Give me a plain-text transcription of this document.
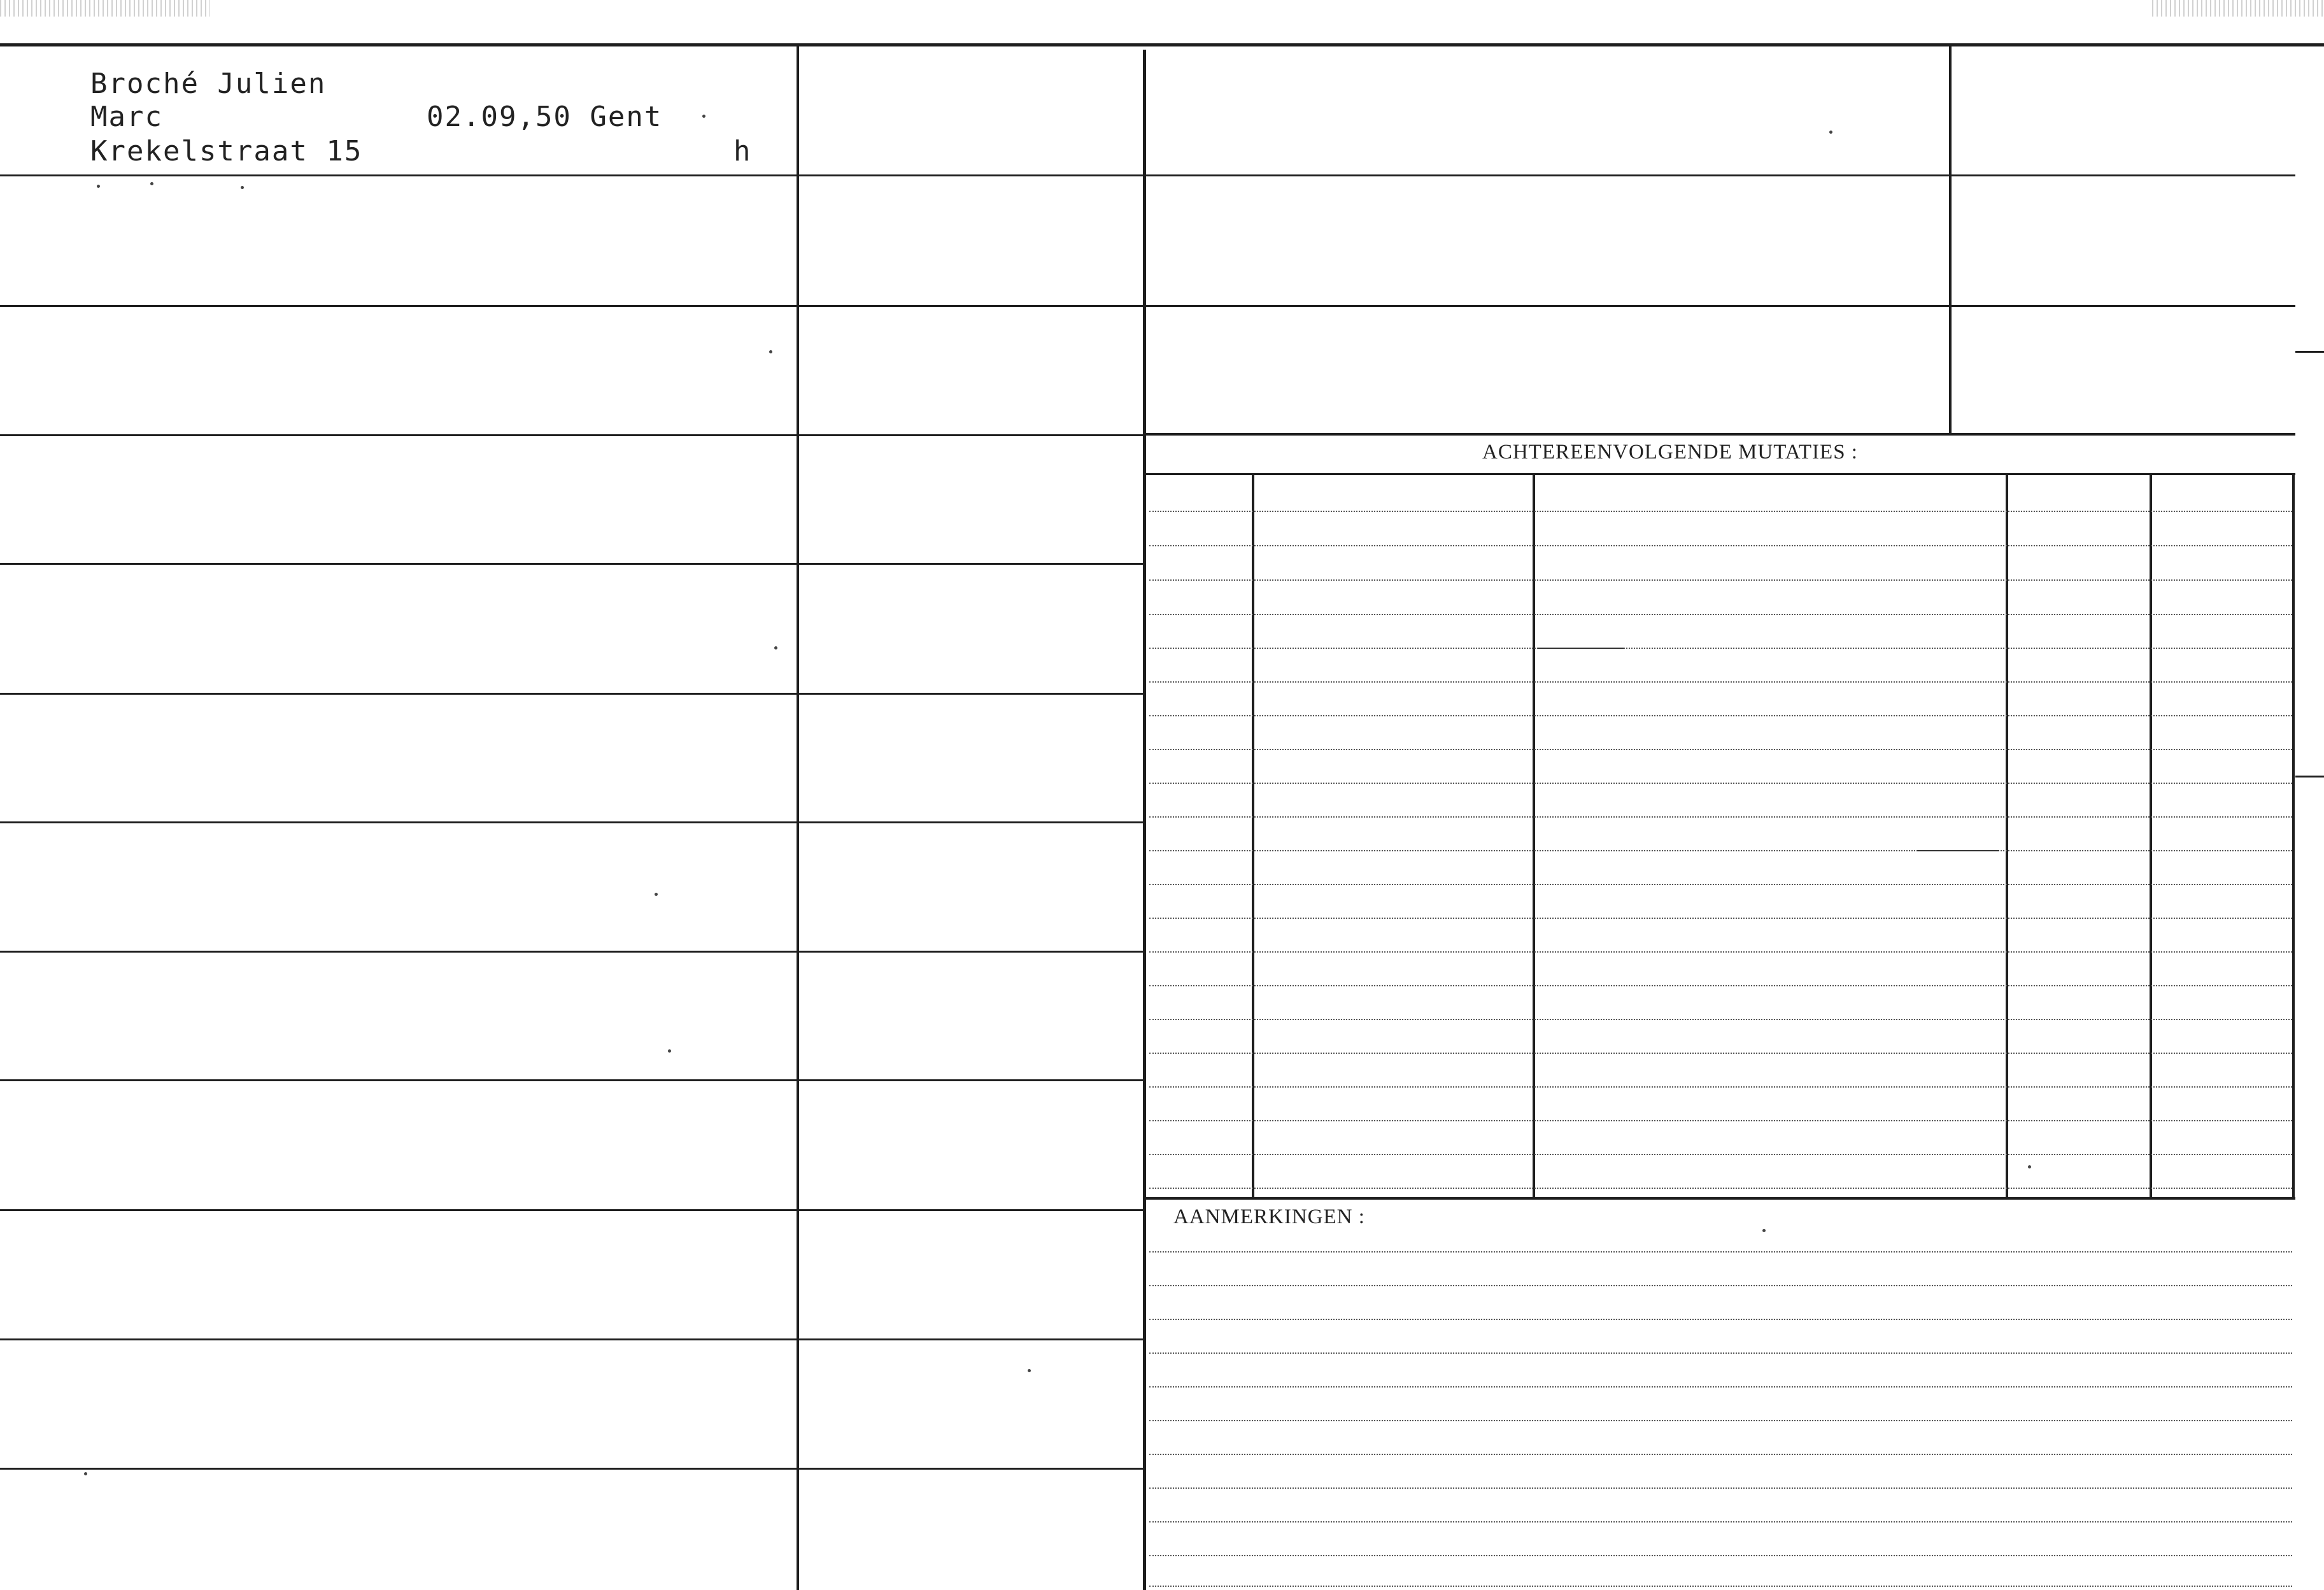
Broché Julien
Marc	02.09,50 Gent
Krekelstraat 15	h
ACHTEREENVOLGENDE MUTATIES :
AANMERKINGEN :
